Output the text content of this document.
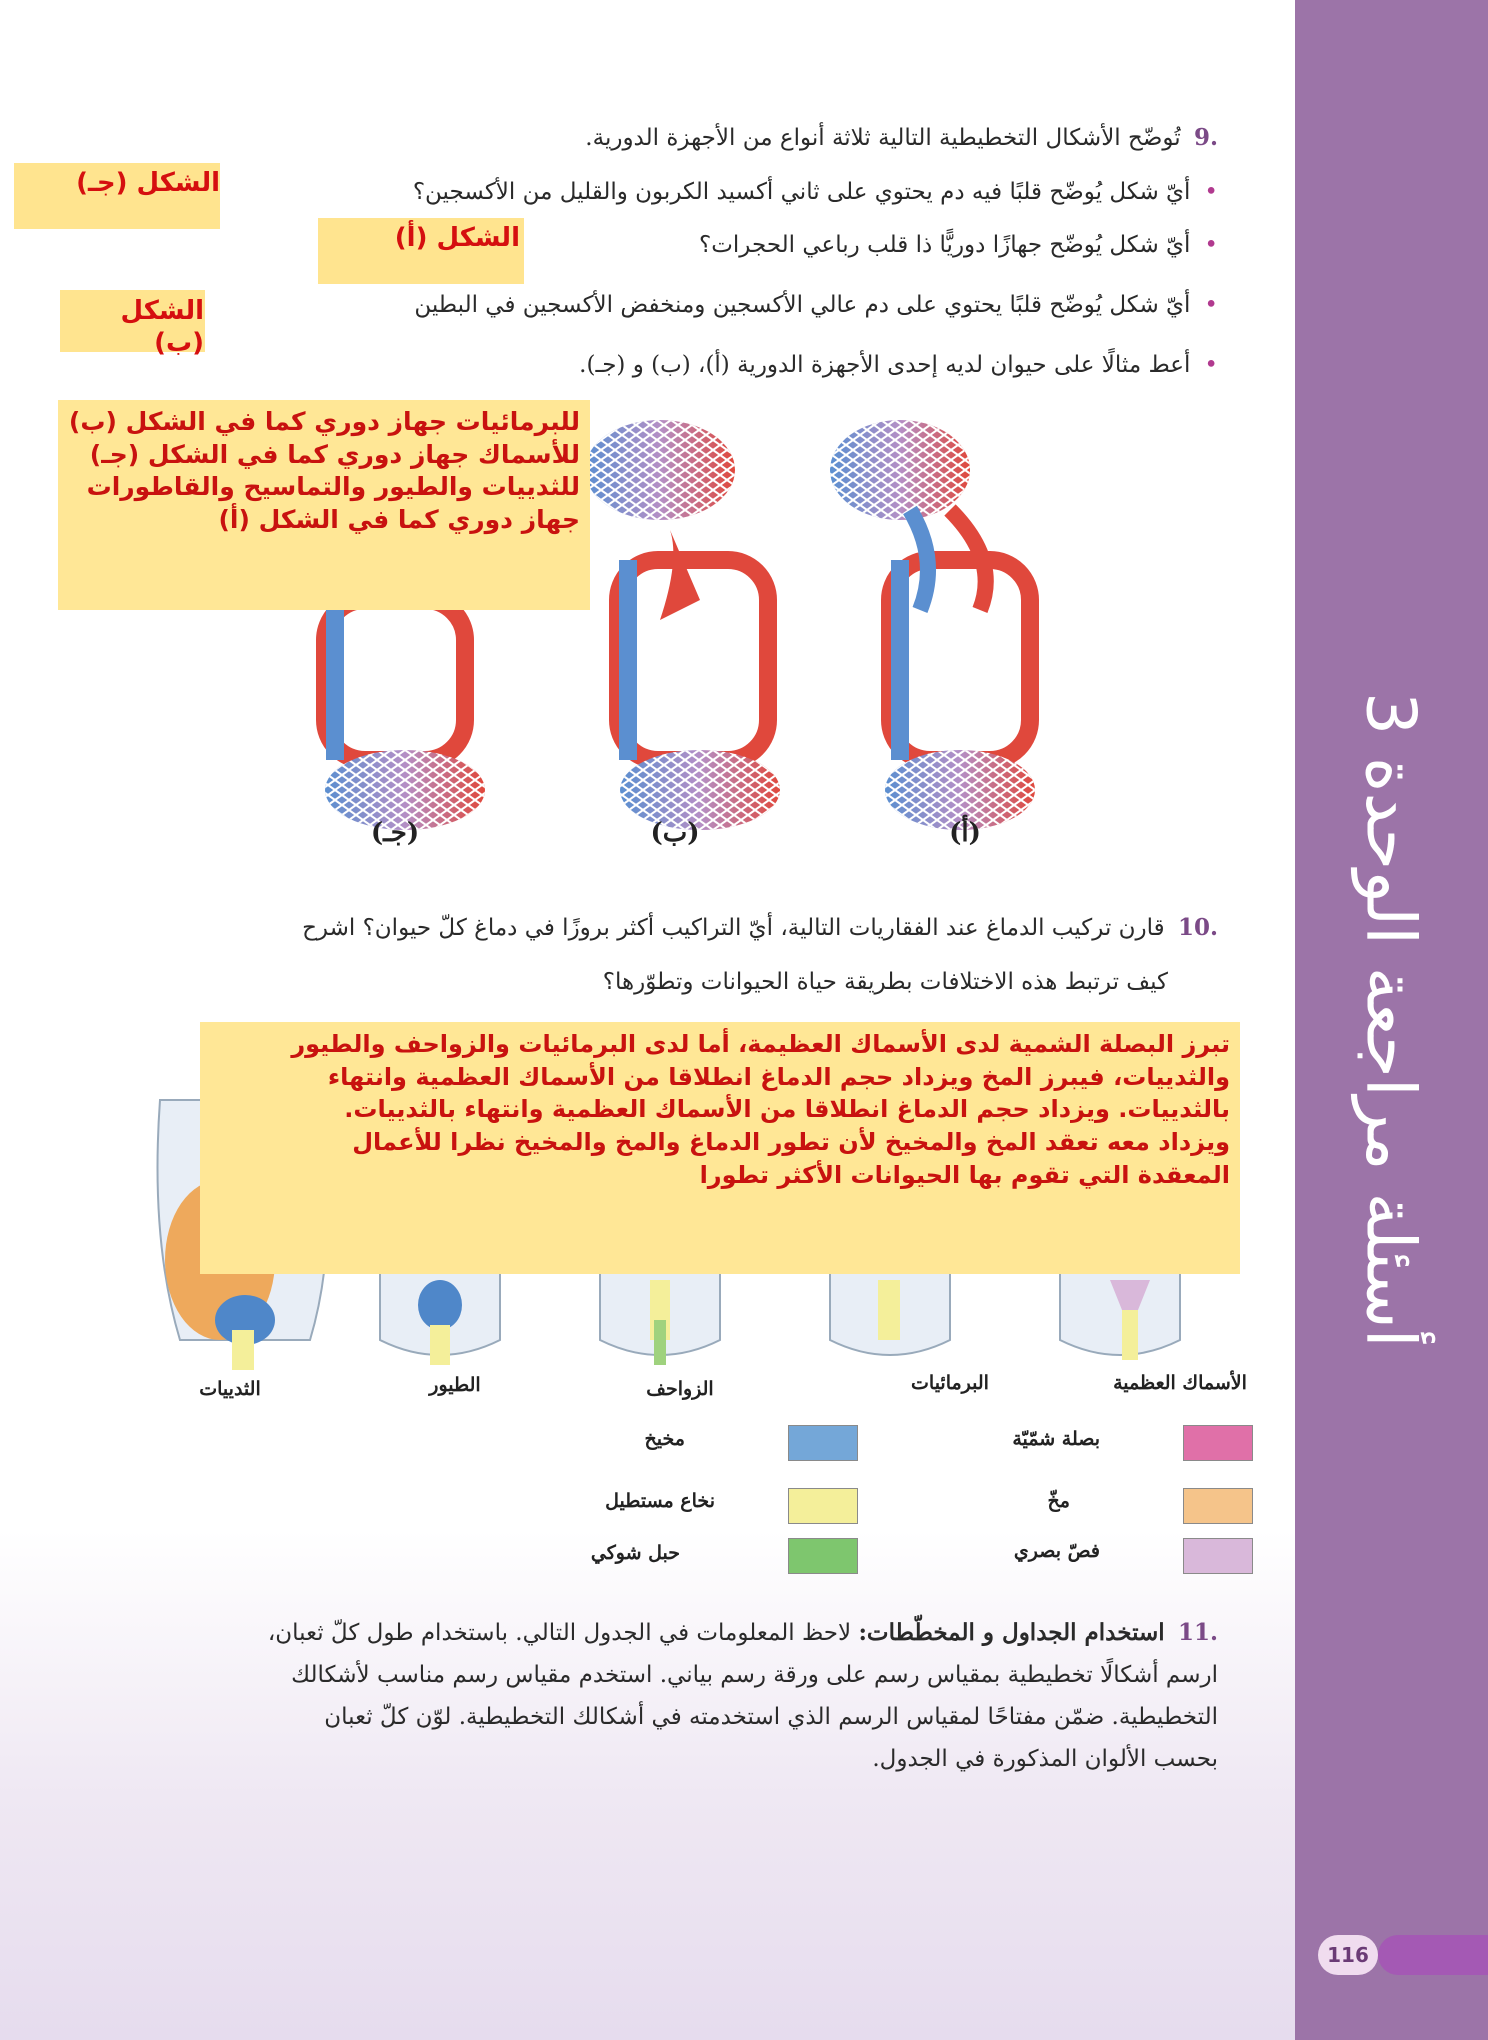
أسئلة مراجعة الوحدة 3
116
9. تُوضّح الأشكال التخطيطية التالية ثلاثة أنواع من الأجهزة الدورية.
•أيّ شكل يُوضّح قلبًا فيه دم يحتوي على ثاني أكسيد الكربون والقليل من الأكسجين؟
•أيّ شكل يُوضّح جهازًا دوريًّا ذا قلب رباعي الحجرات؟
•أيّ شكل يُوضّح قلبًا يحتوي على دم عالي الأكسجين ومنخفض الأكسجين في البطين
•أعط مثالًا على حيوان لديه إحدى الأجهزة الدورية (أ)، (ب) و (جـ).
الشكل (جـ)
الشكل (أ)
الشكل (ب)
(أ)
(ب)
(جـ)
للبرمائيات جهاز دوري كما في الشكل (ب)
للأسماك جهاز دوري كما في الشكل (جـ)
للثدييات والطيور والتماسيح والقاطورات
جهاز دوري كما في الشكل (أ)
10. قارن تركيب الدماغ عند الفقاريات التالية، أيّ التراكيب أكثر بروزًا في دماغ كلّ حيوان؟ اشرح
كيف ترتبط هذه الاختلافات بطريقة حياة الحيوانات وتطوّرها؟
تبرز البصلة الشمية لدى الأسماك العظيمة، أما لدى البرمائيات والزواحف والطيور
والثدييات، فيبرز المخ ويزداد حجم الدماغ انطلاقا من الأسماك العظمية وانتهاء
بالثدييات. ويزداد حجم الدماغ انطلاقا من الأسماك العظمية وانتهاء بالثدييات.
ويزداد معه تعقد المخ والمخيخ لأن تطور الدماغ والمخ والمخيخ نظرا للأعمال
المعقدة التي تقوم بها الحيوانات الأكثر تطورا
الأسماك العظمية
البرمائيات
الزواحف
الطيور
الثدييات
بصلة شمّيّة
مخّ
فصّ بصري
مخيخ
نخاع مستطيل
حبل شوكي
11. استخدام الجداول و المخطّطات: لاحظ المعلومات في الجدول التالي. باستخدام طول كلّ ثعبان،
ارسم أشكالًا تخطيطية بمقياس رسم على ورقة رسم بياني. استخدم مقياس رسم مناسب لأشكالك
التخطيطية. ضمّن مفتاحًا لمقياس الرسم الذي استخدمته في أشكالك التخطيطية. لوّن كلّ ثعبان
بحسب الألوان المذكورة في الجدول.
